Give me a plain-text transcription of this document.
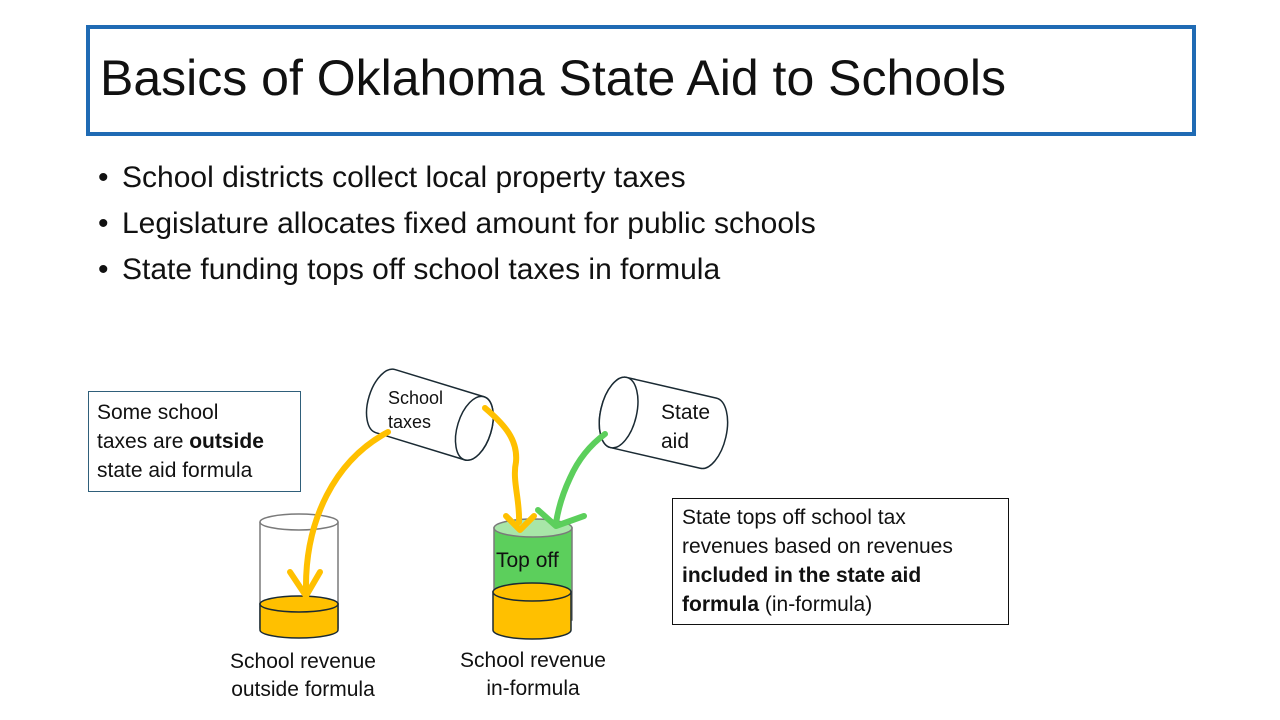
Basics of Oklahoma State Aid to Schools
• School districts collect local property taxes
• Legislature allocates fixed amount for public schools
• State funding tops off school taxes in formula
School
taxes	State
aid
Top off
Some school
taxes are outside
state aid formula
State tops off school tax
revenues based on revenues
included in the state aid
formula (in-formula)
School revenue
outside formula
School revenue
in-formula
